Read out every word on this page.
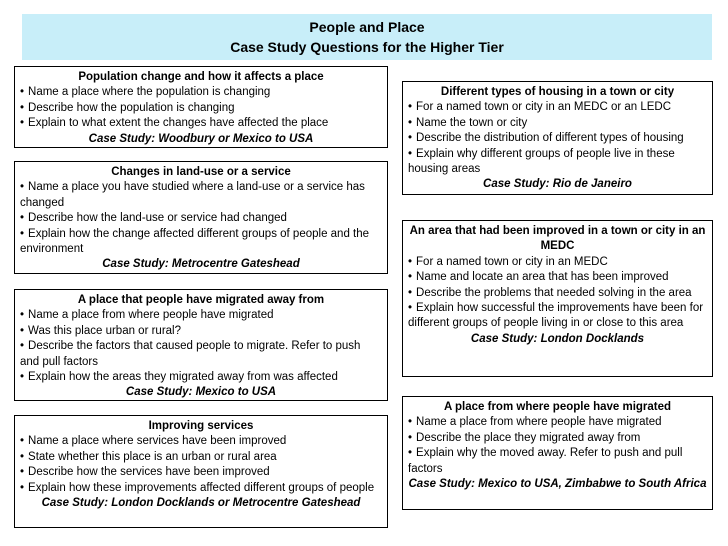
People and Place
Case Study Questions for the Higher Tier
Population change and how it affects a place
• Name a place where the population is changing
• Describe how the population is changing
• Explain to what extent the changes have affected the place
Case Study: Woodbury or Mexico to USA
Changes in land-use or a service
• Name a place you have studied where a land-use or a service has changed
• Describe how the land-use or service had changed
• Explain how the change affected different groups of people and the environment
Case Study: Metrocentre Gateshead
A place that people have migrated away from
• Name a place from where people have migrated
• Was this place urban or rural?
• Describe the factors that caused people to migrate. Refer to push and pull factors
• Explain how the areas they migrated away from was affected
Case Study: Mexico to USA
Improving services
• Name a place where services have been improved
• State whether this place is an urban or rural area
• Describe how the services have been improved
• Explain how these improvements affected different groups of people
Case Study: London Docklands or Metrocentre Gateshead
Different types of housing in a town or city
• For a named town or city in an MEDC or an LEDC
• Name the town or city
• Describe the distribution of different types of housing
• Explain why different groups of people live in these housing areas
Case Study: Rio de Janeiro
An area that had been improved in a town or city in an MEDC
• For a named town or city in an MEDC
• Name and locate an area that has been improved
• Describe the problems that needed solving in the area
• Explain how successful the improvements have been for different groups of people living in or close to this area
Case Study: London Docklands
A place from where people have migrated
• Name a place from where people have migrated
• Describe the place they migrated away from
• Explain why the moved away. Refer to push and pull factors
Case Study: Mexico to USA, Zimbabwe to South Africa
